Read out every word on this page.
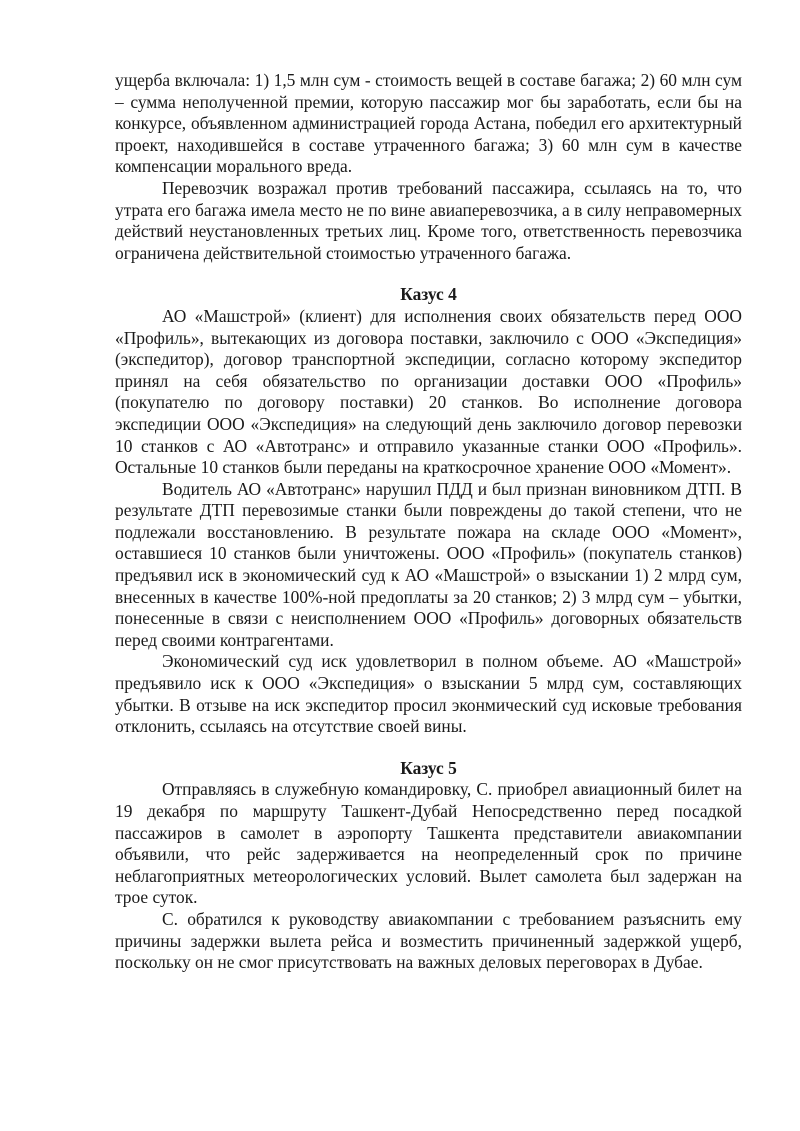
ущерба включала: 1) 1,5 млн сум - стоимость вещей в составе багажа; 2) 60 млн сум – сумма неполученной премии, которую пассажир мог бы заработать, если бы на конкурсе, объявленном администрацией города Астана, победил его архитектурный проект, находившейся в составе утраченного багажа; 3) 60 млн сум в качестве компенсации морального вреда.

Перевозчик возражал против требований пассажира, ссылаясь на то, что утрата его багажа имела место не по вине авиаперевозчика, а в силу неправомерных действий неустановленных третьих лиц. Кроме того, ответственность перевозчика ограничена действительной стоимостью утраченного багажа.

Казус 4

АО «Машстрой» (клиент) для исполнения своих обязательств перед ООО «Профиль», вытекающих из договора поставки, заключило с ООО «Экспедиция» (экспедитор), договор транспортной экспедиции, согласно которому экспедитор принял на себя обязательство по организации доставки ООО «Профиль» (покупателю по договору поставки) 20 станков. Во исполнение договора экспедиции ООО «Экспедиция» на следующий день заключило договор перевозки 10 станков с АО «Автотранс» и отправило указанные станки ООО «Профиль». Остальные 10 станков были переданы на краткосрочное хранение ООО «Момент».

Водитель АО «Автотранс» нарушил ПДД и был признан виновником ДТП. В результате ДТП перевозимые станки были повреждены до такой степени, что не подлежали восстановлению. В результате пожара на складе ООО «Момент», оставшиеся 10 станков были уничтожены. ООО «Профиль» (покупатель станков) предъявил иск в экономический суд к АО «Машстрой» о взыскании 1) 2 млрд сум, внесенных в качестве 100%-ной предоплаты за 20 станков; 2) 3 млрд сум – убытки, понесенные в связи с неисполнением ООО «Профиль» договорных обязательств перед своими контрагентами.

Экономический суд иск удовлетворил в полном объеме. АО «Машстрой» предъявило иск к ООО «Экспедиция» о взыскании 5 млрд сум, составляющих убытки. В отзыве на иск экспедитор просил эконмический суд исковые требования отклонить, ссылаясь на отсутствие своей вины.

Казус 5

Отправляясь в служебную командировку, С. приобрел авиационный билет на 19 декабря по маршруту Ташкент-Дубай Непосредственно перед посадкой пассажиров в самолет в аэропорту Ташкента представители авиакомпании объявили, что рейс задерживается на неопределенный срок по причине неблагоприятных метеорологических условий. Вылет самолета был задержан на трое суток.

С. обратился к руководству авиакомпании с требованием разъяснить ему причины задержки вылета рейса и возместить причиненный задержкой ущерб, поскольку он не смог присутствовать на важных деловых переговорах в Дубае.
